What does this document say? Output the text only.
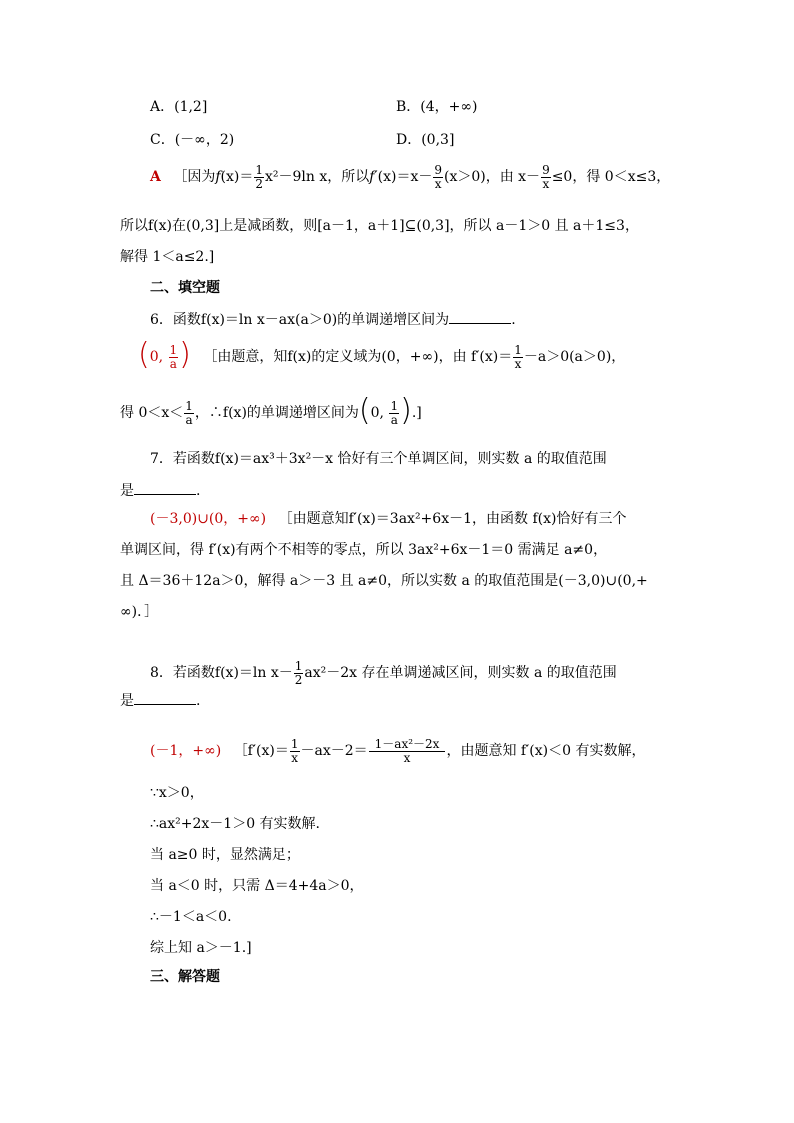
A．(1,2]	B．(4，+∞)
C．(－∞，2)	D．(0,3]
A ［因为$f(x)= \frac{1}{2} x^2-9\ln$ x，所以$f'(x)=x- \frac{9}{x} (x>0)$，由 $x- \frac{9}{x} \le 0$，得 0＜x≤3，
所以f(x)在(0,3]上是减函数，则[a－1，a＋1]⊆(0,3]，所以 a－1＞0 且 a＋1≤3，
解得 1＜a≤2.]
二、填空题
6．函数f(x)＝ln x－ax(a＞0)的单调递增区间为	.
(0, $\frac{1}{a}$ ) ［由题意，知f(x)的定义域为(0，+∞)，由 $f'(x)= \frac{1}{x} -a>0(a>0)$，
得 $0<x< \frac{1}{a}$ ，∴f(x)的单调递增区间为(0, $\frac{1}{a}$ ).]
7．若函数f(x)＝ax³＋3x²－x 恰好有三个单调区间，则实数 a 的取值范围
是	.
(－3,0)∪(0，+∞) ［由题意知f′(x)＝3ax²+6x－1，由函数 f(x)恰好有三个
单调区间，得 f′(x)有两个不相等的零点，所以 3ax²+6x－1＝0 需满足 a≠0，
且 Δ＝36＋12a＞0，解得 a＞－3 且 a≠0，所以实数 a 的取值范围是(－3,0)∪(0,+
∞)．］
8．若函数f(x)＝ln $x- \frac{1}{2} ax^2-2x$ 存在单调递减区间，则实数 a 的取值范围
是	.
(－1，+∞) ［f′(x)＝ $\frac{1}{x} -ax-2= \frac{\text{1－ax²－2x}}{x}$ ，由题意知 f′(x)＜0 有实数解，
∵x＞0，
∴ax²+2x－1＞0 有实数解.
当 a≥0 时，显然满足；
当 a＜0 时，只需 Δ＝4+4a＞0，
∴－1＜a＜0.
综上知 a＞－1.]
三、解答题
